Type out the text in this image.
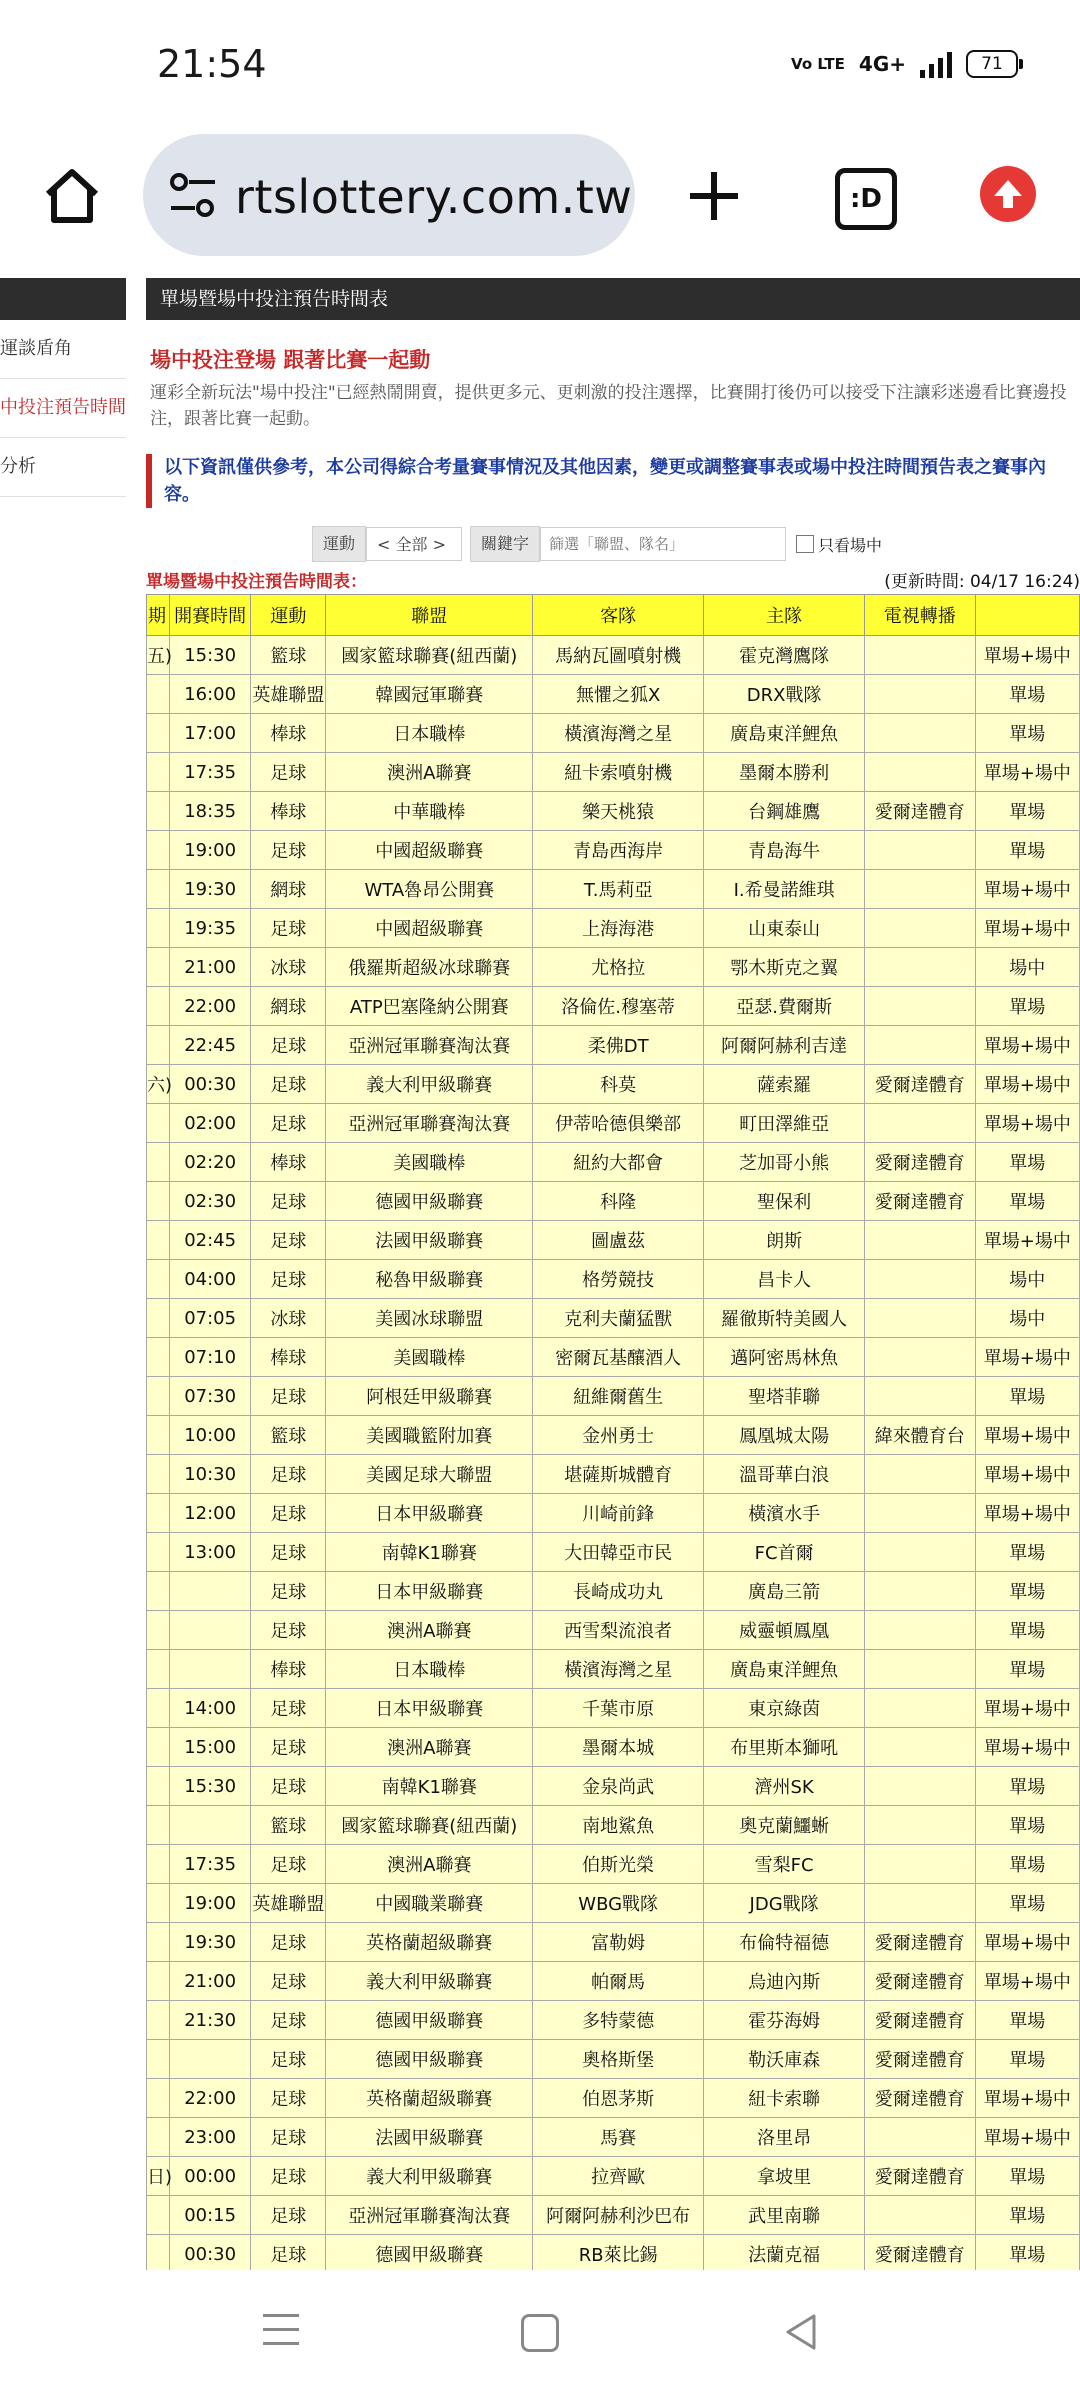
21:54	Vo LTE 4G+	71
rtslottery.com.tw	:D
運談盾角
中投注預告時間
分析
單場暨場中投注預告時間表
場中投注登場 跟著比賽一起動
運彩全新玩法"場中投注"已經熱鬧開賣，提供更多元、更刺激的投注選擇，比賽開打後仍可以接受下注讓彩迷邊看比賽邊投注，跟著比賽一起動。
以下資訊僅供參考，本公司得綜合考量賽事情況及其他因素，變更或調整賽事表或場中投注時間預告表之賽事內容。
運動	< 全部 >	關鍵字
篩選「聯盟、隊名」	只看場中
單場暨場中投注預告時間表：	(更新時間: 04/17 16:24)
期	開賽時間	運動	聯盟	客隊	主隊	電視轉播	
五)	15:30	籃球	國家籃球聯賽(紐西蘭)	馬納瓦圖噴射機	霍克灣鷹隊		單場+場中
	16:00	英雄聯盟	韓國冠軍聯賽	無懼之狐X	DRX戰隊		單場
	17:00	棒球	日本職棒	橫濱海灣之星	廣島東洋鯉魚		單場
	17:35	足球	澳洲A聯賽	紐卡索噴射機	墨爾本勝利		單場+場中
	18:35	棒球	中華職棒	樂天桃猿	台鋼雄鷹	愛爾達體育	單場
	19:00	足球	中國超級聯賽	青島西海岸	青島海牛		單場
	19:30	網球	WTA魯昂公開賽	T.馬莉亞	I.希曼諾維琪		單場+場中
	19:35	足球	中國超級聯賽	上海海港	山東泰山		單場+場中
	21:00	冰球	俄羅斯超級冰球聯賽	尤格拉	鄂木斯克之翼		場中
	22:00	網球	ATP巴塞隆納公開賽	洛倫佐.穆塞蒂	亞瑟.費爾斯		單場
	22:45	足球	亞洲冠軍聯賽淘汰賽	柔佛DT	阿爾阿赫利吉達		單場+場中
六)	00:30	足球	義大利甲級聯賽	科莫	薩索羅	愛爾達體育	單場+場中
	02:00	足球	亞洲冠軍聯賽淘汰賽	伊蒂哈德俱樂部	町田澤維亞		單場+場中
	02:20	棒球	美國職棒	紐約大都會	芝加哥小熊	愛爾達體育	單場
	02:30	足球	德國甲級聯賽	科隆	聖保利	愛爾達體育	單場
	02:45	足球	法國甲級聯賽	圖盧茲	朗斯		單場+場中
	04:00	足球	秘魯甲級聯賽	格勞競技	昌卡人		場中
	07:05	冰球	美國冰球聯盟	克利夫蘭猛獸	羅徹斯特美國人		場中
	07:10	棒球	美國職棒	密爾瓦基釀酒人	邁阿密馬林魚		單場+場中
	07:30	足球	阿根廷甲級聯賽	紐維爾舊生	聖塔菲聯		單場
	10:00	籃球	美國職籃附加賽	金州勇士	鳳凰城太陽	緯來體育台	單場+場中
	10:30	足球	美國足球大聯盟	堪薩斯城體育	溫哥華白浪		單場+場中
	12:00	足球	日本甲級聯賽	川崎前鋒	橫濱水手		單場+場中
	13:00	足球	南韓K1聯賽	大田韓亞市民	FC首爾		單場
		足球	日本甲級聯賽	長崎成功丸	廣島三箭		單場
		足球	澳洲A聯賽	西雪梨流浪者	威靈頓鳳凰		單場
		棒球	日本職棒	橫濱海灣之星	廣島東洋鯉魚		單場
	14:00	足球	日本甲級聯賽	千葉市原	東京綠茵		單場+場中
	15:00	足球	澳洲A聯賽	墨爾本城	布里斯本獅吼		單場+場中
	15:30	足球	南韓K1聯賽	金泉尚武	濟州SK		單場
		籃球	國家籃球聯賽(紐西蘭)	南地鯊魚	奧克蘭鱷蜥		單場
	17:35	足球	澳洲A聯賽	伯斯光榮	雪梨FC		單場
	19:00	英雄聯盟	中國職業聯賽	WBG戰隊	JDG戰隊		單場
	19:30	足球	英格蘭超級聯賽	富勒姆	布倫特福德	愛爾達體育	單場+場中
	21:00	足球	義大利甲級聯賽	帕爾馬	烏迪內斯	愛爾達體育	單場+場中
	21:30	足球	德國甲級聯賽	多特蒙德	霍芬海姆	愛爾達體育	單場
		足球	德國甲級聯賽	奧格斯堡	勒沃庫森	愛爾達體育	單場
	22:00	足球	英格蘭超級聯賽	伯恩茅斯	紐卡索聯	愛爾達體育	單場+場中
	23:00	足球	法國甲級聯賽	馬賽	洛里昂		單場+場中
日)	00:00	足球	義大利甲級聯賽	拉齊歐	拿坡里	愛爾達體育	單場
	00:15	足球	亞洲冠軍聯賽淘汰賽	阿爾阿赫利沙巴布	武里南聯		單場
	00:30	足球	德國甲級聯賽	RB萊比錫	法蘭克福	愛爾達體育	單場
